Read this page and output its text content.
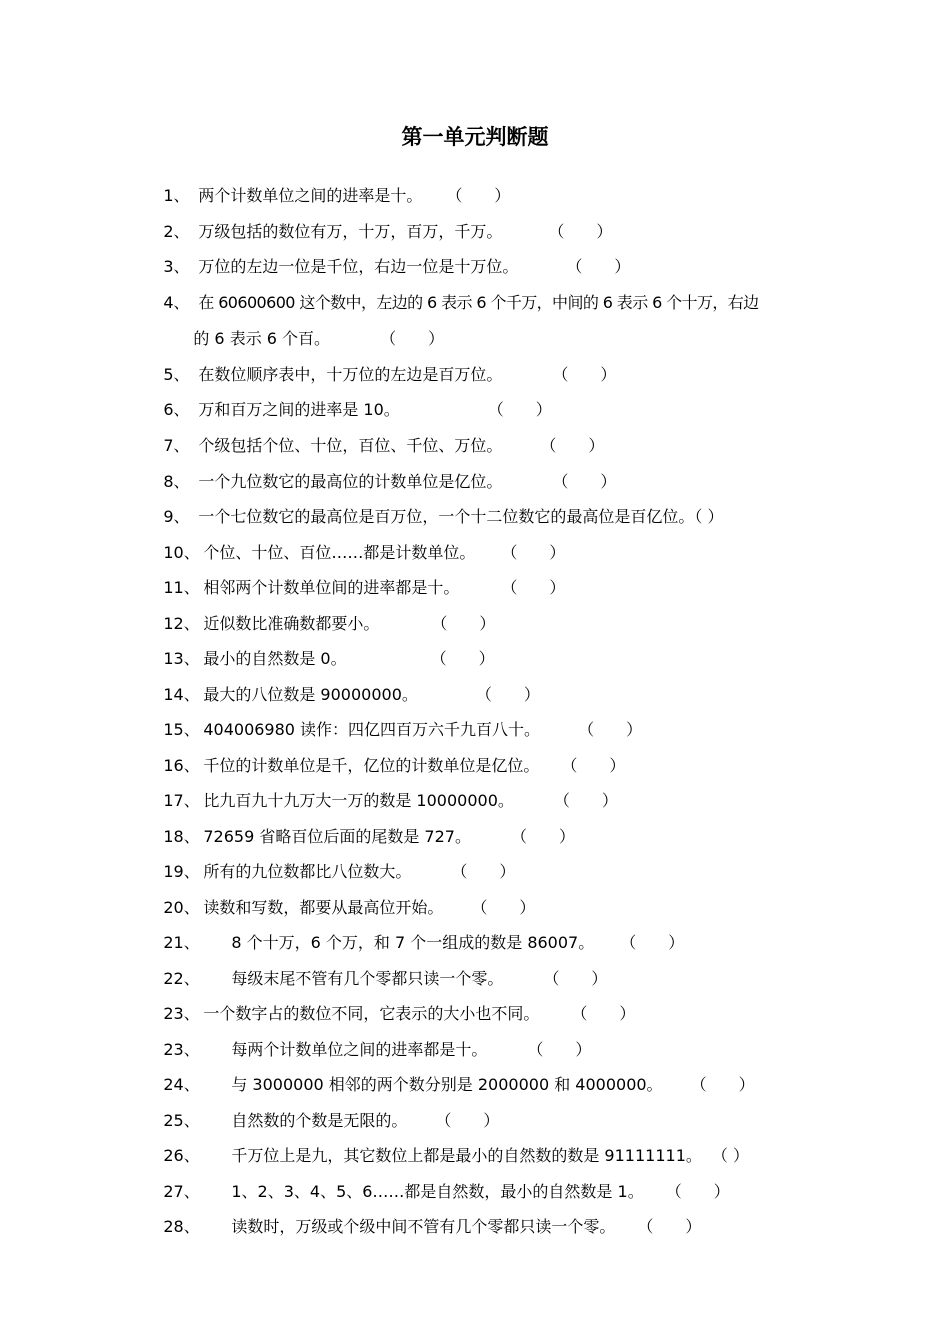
第一单元判断题

1、 两个计数单位之间的进率是十。 （　　）

2、 万级包括的数位有万，十万，百万，千万。	（　　）

3、 万位的左边一位是千位，右边一位是十万位。	（　　）

4、 在 60600600 这个数中，左边的 6 表示 6 个千万，中间的 6 表示 6 个十万，右边

的 6 表示 6 个百。	（　　）

5、 在数位顺序表中，十万位的左边是百万位。	（　　）

6、 万和百万之间的进率是 10。	（　　）

7、 个级包括个位、十位，百位、千位、万位。 （　　）

8、 一个九位数它的最高位的计数单位是亿位。	（　　）

9、 一个七位数它的最高位是百万位，一个十二位数它的最高位是百亿位。（ ）

10、 个位、十位、百位……都是计数单位。 （　　）

11、 相邻两个计数单位间的进率都是十。	（　　）

12、 近似数比准确数都要小。	（　　）

13、 最小的自然数是 0。	（　　）

14、 最大的八位数是 90000000。	（　　）

15、 404006980 读作：四亿四百万六千九百八十。 （　　）

16、 千位的计数单位是千，亿位的计数单位是亿位。 （　　）

17、 比九百九十九万大一万的数是 10000000。	（　　）

18、 72659 省略百位后面的尾数是 727。	（　　）

19、 所有的九位数都比八位数大。	（　　）

20、 读数和写数，都要从最高位开始。 （　　）

21、 8 个十万，6 个万，和 7 个一组成的数是 86007。 （　　）

22、 每级末尾不管有几个零都只读一个零。	（　　）

23、 一个数字占的数位不同，它表示的大小也不同。 （　　）

23、 每两个计数单位之间的进率都是十。	（　　）

24、 与 3000000 相邻的两个数分别是 2000000 和 4000000。 （　　）

25、 自然数的个数是无限的。 （　　）

26、 千万位上是九，其它数位上都是最小的自然数的数是 91111111。 （ ）

27、 1、2、3、4、5、6……都是自然数，最小的自然数是 1。 （　　）

28、 读数时，万级或个级中间不管有几个零都只读一个零。 （　　）
